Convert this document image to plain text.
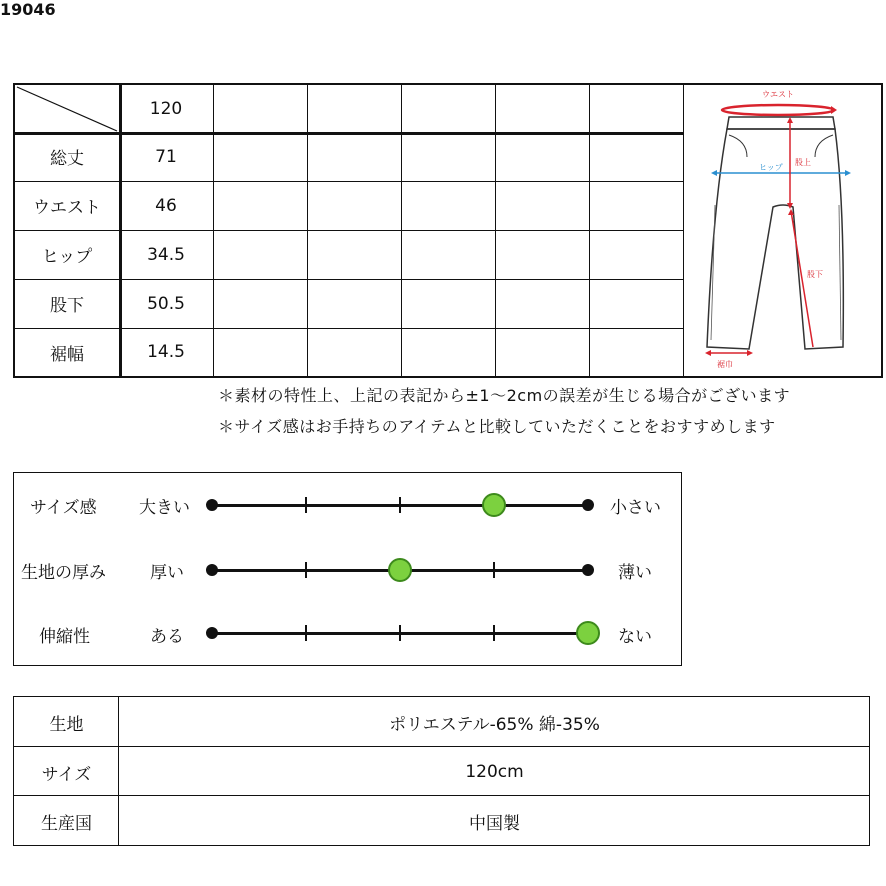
19046
120
総丈	71
ウエスト	46
ヒップ	34.5
股下	50.5
裾幅	14.5
ウエスト
ヒップ
股上
股下
裾巾
＊素材の特性上、上記の表記から±1～2cmの誤差が生じる場合がございます
＊サイズ感はお手持ちのアイテムと比較していただくことをおすすめします
サイズ感 大きい	小さい
生地の厚み	厚い	薄い
伸縮性	ある	ない
生地	ポリエステル-65% 綿-35%
サイズ	120cm
生産国	中国製
